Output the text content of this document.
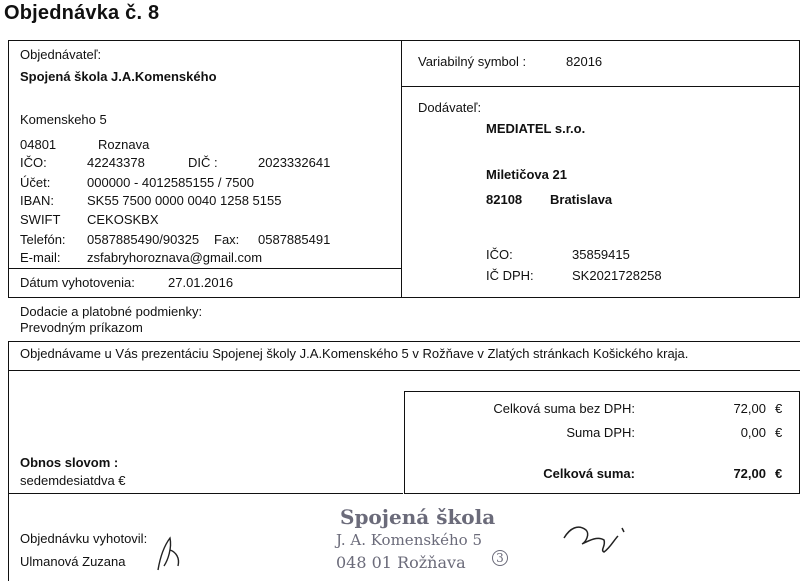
Objednávka č. 8
Objednávateľ:
Spojená škola J.A.Komenského
Komenskeho 5
04801	Roznava
IČO:	42243378	DIČ :	2023332641
Účet:	000000 - 4012585155 / 7500
IBAN:	SK55 7500 0000 0040 1258 5155
SWIFT CEKOSKBX
Telefón: 0587885490/90325 Fax: 0587885491
E-mail: zsfabryhoroznava@gmail.com
Dátum vyhotovenia:	27.01.2016
Variabilný symbol :	82016
Dodávateľ:
MEDIATEL s.r.o.
Miletičova 21
82108 Bratislava
IČO:	35859415
IČ DPH:	SK2021728258
Dodacie a platobné podmienky:
Prevodným príkazom
Objednávame u Vás prezentáciu Spojenej školy J.A.Komenského 5 v Rožňave v Zlatých stránkach Košického kraja.
Celková suma bez DPH:	72,00 €
Suma DPH:	0,00 €
Celková suma:	72,00 €
Obnos slovom :
sedemdesiatdva €
Objednávku vyhotovil:
Ulmanová Zuzana
Spojená škola
J. A. Komenského 5
048 01 Rožňava	3
